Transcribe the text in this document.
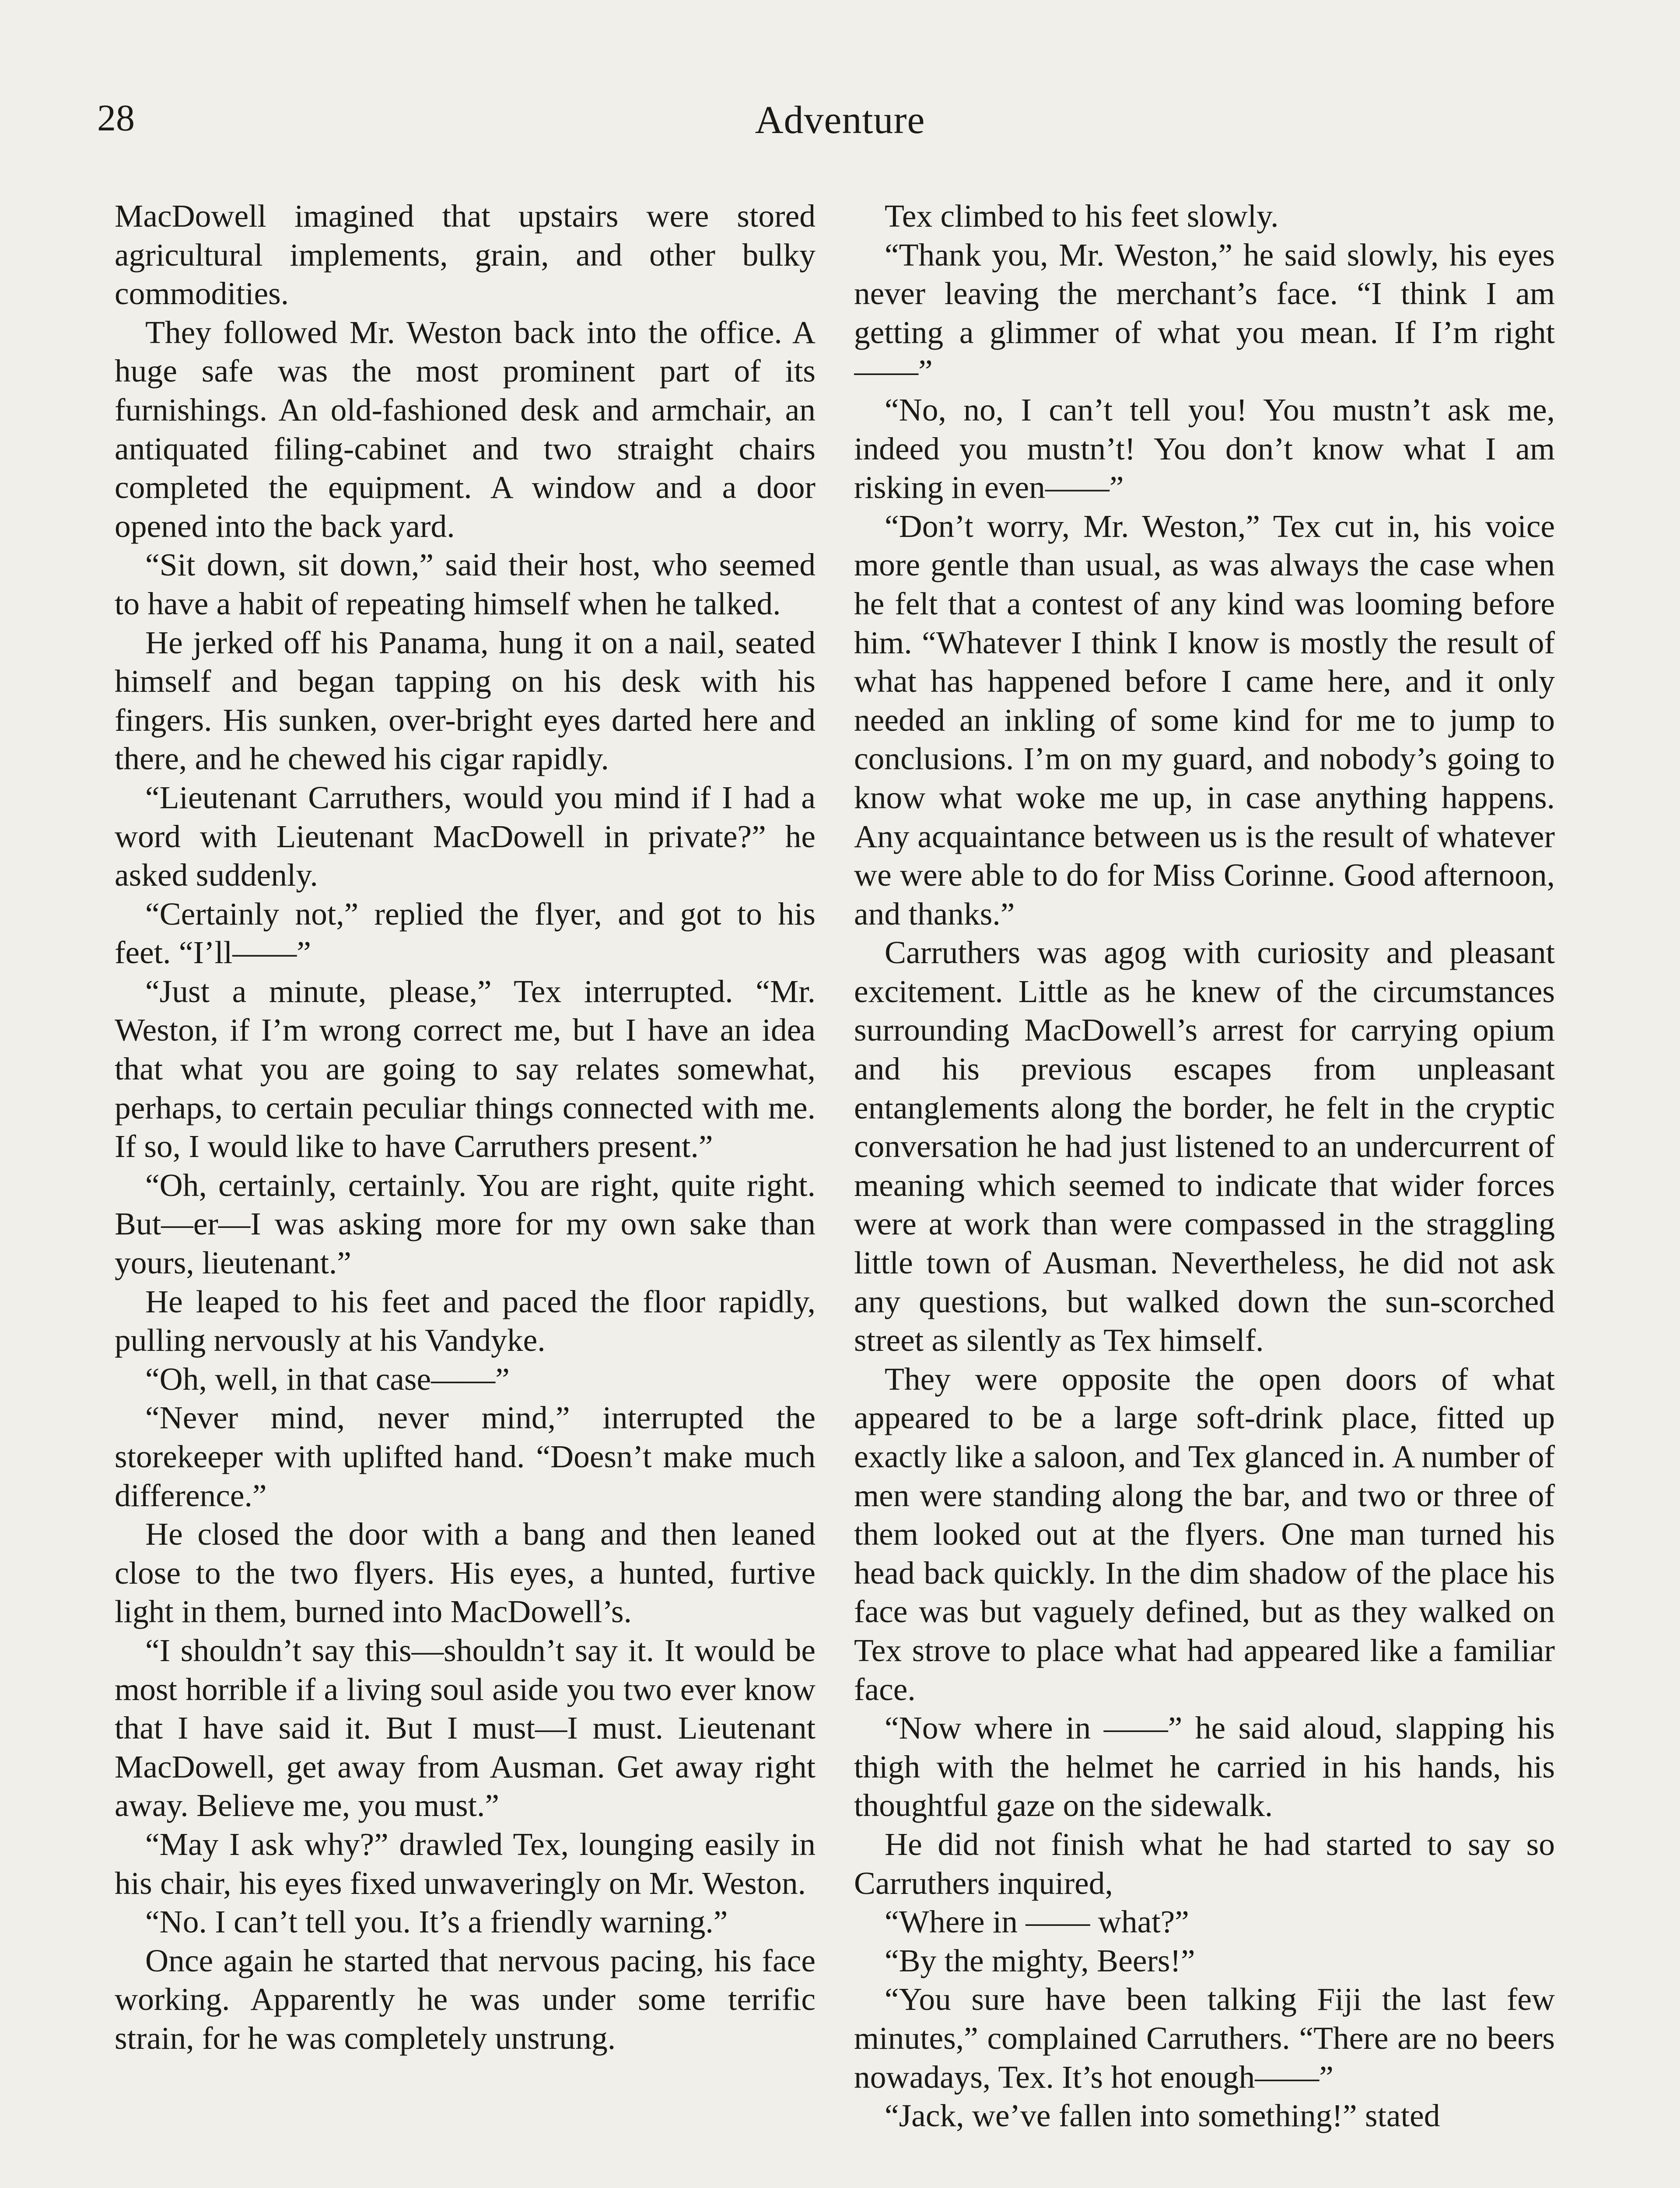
28	Adventure

MacDowell imagined that upstairs were stored agricultural implements, grain, and other bulky commodities.

They followed Mr. Weston back into the office. A huge safe was the most prominent part of its furnishings. An old-fashioned desk and armchair, an antiquated filing-cabinet and two straight chairs completed the equipment. A window and a door opened into the back yard.

“Sit down, sit down,” said their host, who seemed to have a habit of repeating himself when he talked.

He jerked off his Panama, hung it on a nail, seated himself and began tapping on his desk with his fingers. His sunken, over-bright eyes darted here and there, and he chewed his cigar rapidly.

“Lieutenant Carruthers, would you mind if I had a word with Lieutenant MacDowell in private?” he asked suddenly.

“Certainly not,” replied the flyer, and got to his feet. “I’ll——”

“Just a minute, please,” Tex interrupted. “Mr. Weston, if I’m wrong correct me, but I have an idea that what you are going to say relates somewhat, perhaps, to certain peculiar things connected with me. If so, I would like to have Carruthers present.”

“Oh, certainly, certainly. You are right, quite right. But—er—I was asking more for my own sake than yours, lieutenant.”

He leaped to his feet and paced the floor rapidly, pulling nervously at his Vandyke.

“Oh, well, in that case——”

“Never mind, never mind,” interrupted the storekeeper with uplifted hand. “Doesn’t make much difference.”

He closed the door with a bang and then leaned close to the two flyers. His eyes, a hunted, furtive light in them, burned into MacDowell’s.

“I shouldn’t say this—shouldn’t say it. It would be most horrible if a living soul aside you two ever know that I have said it. But I must—I must. Lieutenant MacDowell, get away from Ausman. Get away right away. Believe me, you must.”

“May I ask why?” drawled Tex, lounging easily in his chair, his eyes fixed unwaveringly on Mr. Weston.

“No. I can’t tell you. It’s a friendly warning.”

Once again he started that nervous pacing, his face working. Apparently he was under some terrific strain, for he was completely unstrung.

Tex climbed to his feet slowly.

“Thank you, Mr. Weston,” he said slowly, his eyes never leaving the merchant’s face. “I think I am getting a glimmer of what you mean. If I’m right——”

“No, no, I can’t tell you! You mustn’t ask me, indeed you mustn’t! You don’t know what I am risking in even——”

“Don’t worry, Mr. Weston,” Tex cut in, his voice more gentle than usual, as was always the case when he felt that a contest of any kind was looming before him. “Whatever I think I know is mostly the result of what has happened before I came here, and it only needed an inkling of some kind for me to jump to conclusions. I’m on my guard, and nobody’s going to know what woke me up, in case anything happens. Any acquaintance between us is the result of whatever we were able to do for Miss Corinne. Good afternoon, and thanks.”

Carruthers was agog with curiosity and pleasant excitement. Little as he knew of the circumstances surrounding MacDowell’s arrest for carrying opium and his previous escapes from unpleasant entanglements along the border, he felt in the cryptic conversation he had just listened to an undercurrent of meaning which seemed to indicate that wider forces were at work than were compassed in the straggling little town of Ausman. Nevertheless, he did not ask any questions, but walked down the sun-scorched street as silently as Tex himself.

They were opposite the open doors of what appeared to be a large soft-drink place, fitted up exactly like a saloon, and Tex glanced in. A number of men were standing along the bar, and two or three of them looked out at the flyers. One man turned his head back quickly. In the dim shadow of the place his face was but vaguely defined, but as they walked on Tex strove to place what had appeared like a familiar face.

“Now where in ——” he said aloud, slapping his thigh with the helmet he carried in his hands, his thoughtful gaze on the sidewalk.

He did not finish what he had started to say so Carruthers inquired,

“Where in —— what?”

“By the mighty, Beers!”

“You sure have been talking Fiji the last few minutes,” complained Carruthers. “There are no beers nowadays, Tex. It’s hot enough——”

“Jack, we’ve fallen into something!” stated
